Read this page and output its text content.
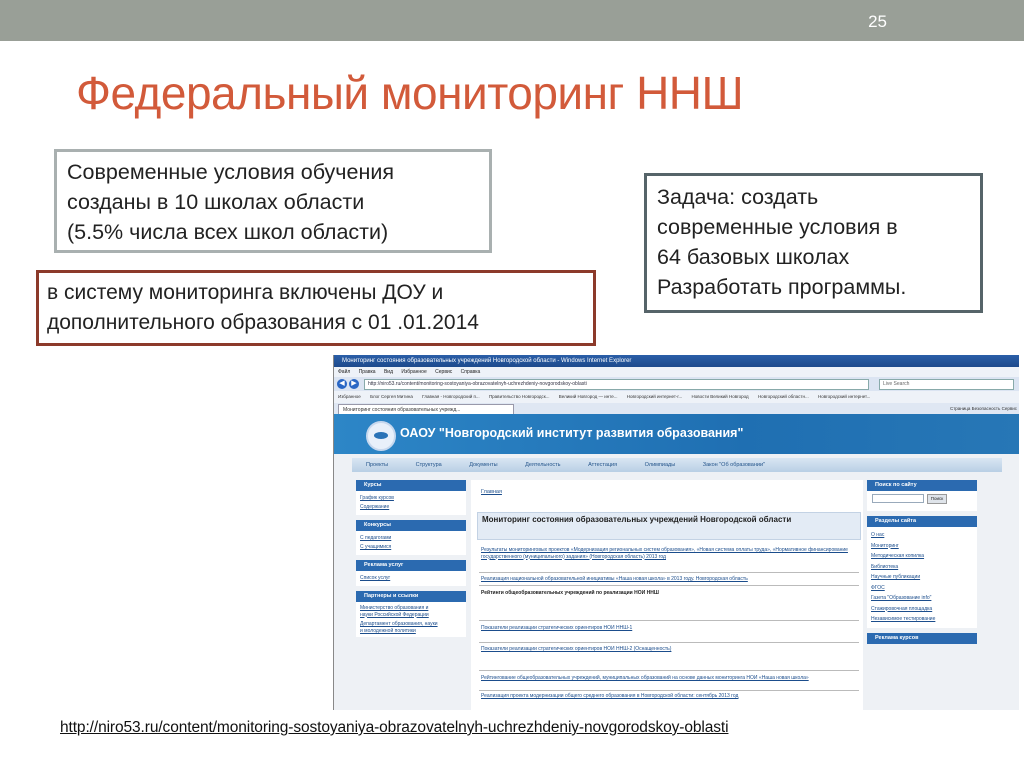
25
Федеральный мониторинг ННШ
Современные условия обучения
созданы в 10 школах области
(5.5% числа всех школ области)
Задача: создать
современные условия в
64 базовых школах
Разработать программы.
в систему мониторинга включены ДОУ и
дополнительного образования с 01 .01.2014
Мониторинг состояния образовательных учреждений Новгородской области - Windows Internet Explorer
Файл Правка Вид Избранное Сервис Справка
◀ ▶	http://niro53.ru/content/monitoring-sostoyaniya-obrazovatelnyh-uchrezhdeniy-novgorodskoy-oblasti	Live Search
Избранное Блог Сергея Митина Главная - Новгородский п... Правительство Новгородск... Великий Новгород — инте... Новгородский интернет-г... Новости Великий Новгород Новгородский областн... Новгородский интернет...
Мониторинг состояния образовательных учрежд...	Страница Безопасность Сервис
ОАОУ "Новгородский институт развития образования"
Проекты	Структура	Документы	Деятельность	Аттестация	Олимпиады	Закон "Об образовании"
Курсы
График курсов
Содержание
Конкурсы
С педагогами
С учащимися
Реклама услуг
Список услуг
Партнеры и ссылки
Министерство образования и
науки Российской Федерации
Департамент образования, науки
и молодежной политики
Главная
Мониторинг состояния образовательных учреждений Новгородской области
Результаты мониторинговых проектов «Модернизация региональных систем образования», «Новая система оплаты труда», «Нормативное финансирование государственного (муниципального) задания» (Новгородская область) 2013 год
Реализация национальной образовательной инициативы «Наша новая школа» в 2013 году. Новгородская область
Рейтинги общеобразовательных учреждений по реализации НОИ ННШ
Показатели реализации стратегических ориентиров НОИ ННШ-1
Показатели реализации стратегических ориентиров НОИ ННШ-2 (Оснащенность)
Рейтингование общеобразовательных учреждений, муниципальных образований на основе данных мониторинга НОИ «Наша новая школа»
Реализация проекта модернизации общего среднего образования в Новгородской области: сентябрь 2013 год
Поиск по сайту
Поиск
Разделы сайта
О нас
Мониторинг
Методическая копилка
Библиотека
Научные публикации
ФГОС
Газета "Образование info"
Стажировочная площадка
Независимое тестирование
Реклама курсов
http://niro53.ru/content/monitoring-sostoyaniya-obrazovatelnyh-uchrezhdeniy-novgorodskoy-oblasti
